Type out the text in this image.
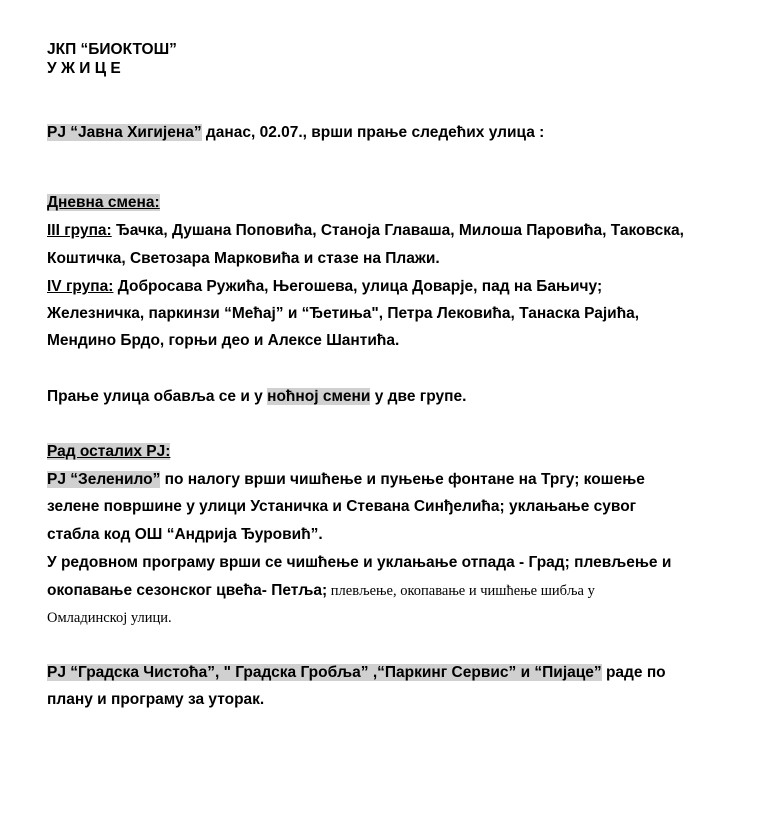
ЈКП “БИОКТОШ”
У Ж И Ц Е
РЈ “Јавна Хигијена” данас, 02.07., врши прање следећих улица :
Дневна смена:
III група: Ђачка, Душана Поповића, Станоја Главаша, Милоша Паровића, Таковска,
Коштичка, Светозара Марковића и стазе на Плажи.
IV група: Добросава Ружића, Његошева, улица Доварје, пад на Бањичу;
Железничка, паркинзи “Мећај” и “Ђетиња", Петра Лековића, Танаска Рајића,
Мендино Брдо, горњи део и Алексе Шантића.
Прање улица обавља се и у ноћној смени у две групе.
Рад осталих РЈ:
РЈ “Зеленило” по налогу врши чишћење и пуњење фонтане на Тргу; кошење
зелене површине у улици Устаничка и Стевана Синђелића; уклањање сувог
стабла код ОШ “Андрија Ђуровић”.
У редовном програму врши се чишћење и уклањање отпада - Град; плевљење и
окопавање сезонског цвећа- Петља; плевљење, окопавање и чишћење шибља у
Омладинској улици.
РЈ “Градска Чистоћа”, " Градска Гробља” ,“Паркинг Сервис” и “Пијаце” раде по
плану и програму за уторак.
